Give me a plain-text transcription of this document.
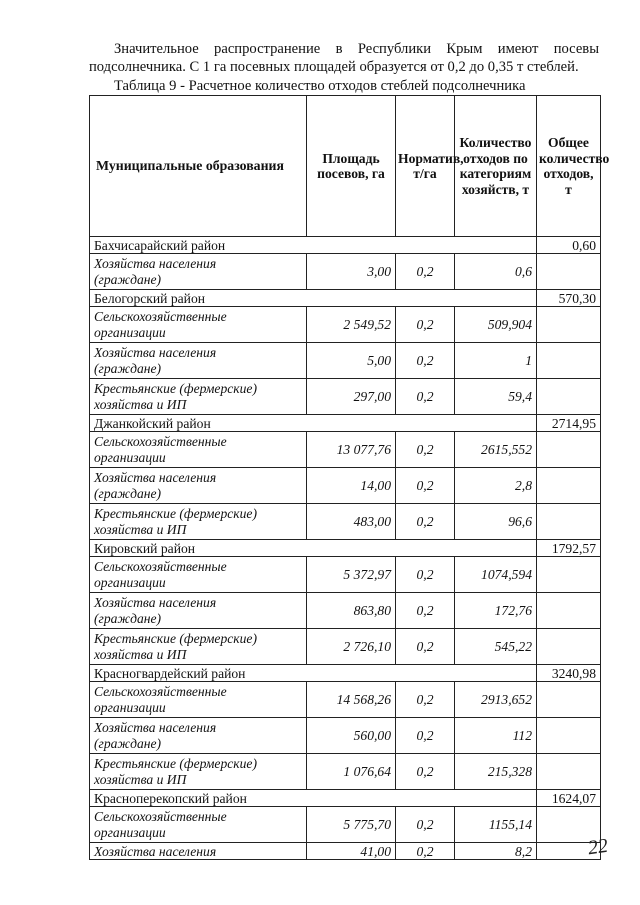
Значительное распространение в Республики Крым имеют посевы
подсолнечника. С 1 га посевных площадей образуется от 0,2 до 0,35 т стеблей.

Таблица 9 - Расчетное количество отходов стеблей подсолнечника

Муниципальные образования	Площадь посевов, га	Норматив, т/га	Количество отходов по категориям хозяйств, т	Общее количество отходов, т
Бахчисарайский район				0,60
Хозяйства населения
(граждане)	3,00	0,2	0,6	
Белогорский район				570,30
Сельскохозяйственные
организации	2 549,52	0,2	509,904	
Хозяйства населения
(граждане)	5,00	0,2	1	
Крестьянские (фермерские)
хозяйства и ИП	297,00	0,2	59,4	
Джанкойский район				2714,95
Сельскохозяйственные
организации	13 077,76	0,2	2615,552	
Хозяйства населения
(граждане)	14,00	0,2	2,8	
Крестьянские (фермерские)
хозяйства и ИП	483,00	0,2	96,6	
Кировский район				1792,57
Сельскохозяйственные
организации	5 372,97	0,2	1074,594	
Хозяйства населения
(граждане)	863,80	0,2	172,76	
Крестьянские (фермерские)
хозяйства и ИП	2 726,10	0,2	545,22	
Красногвардейский район				3240,98
Сельскохозяйственные
организации	14 568,26	0,2	2913,652	
Хозяйства населения
(граждане)	560,00	0,2	112	
Крестьянские (фермерские)
хозяйства и ИП	1 076,64	0,2	215,328	
Красноперекопский район				1624,07
Сельскохозяйственные
организации	5 775,70	0,2	1155,14	
Хозяйства населения	41,00	0,2	8,2		22
